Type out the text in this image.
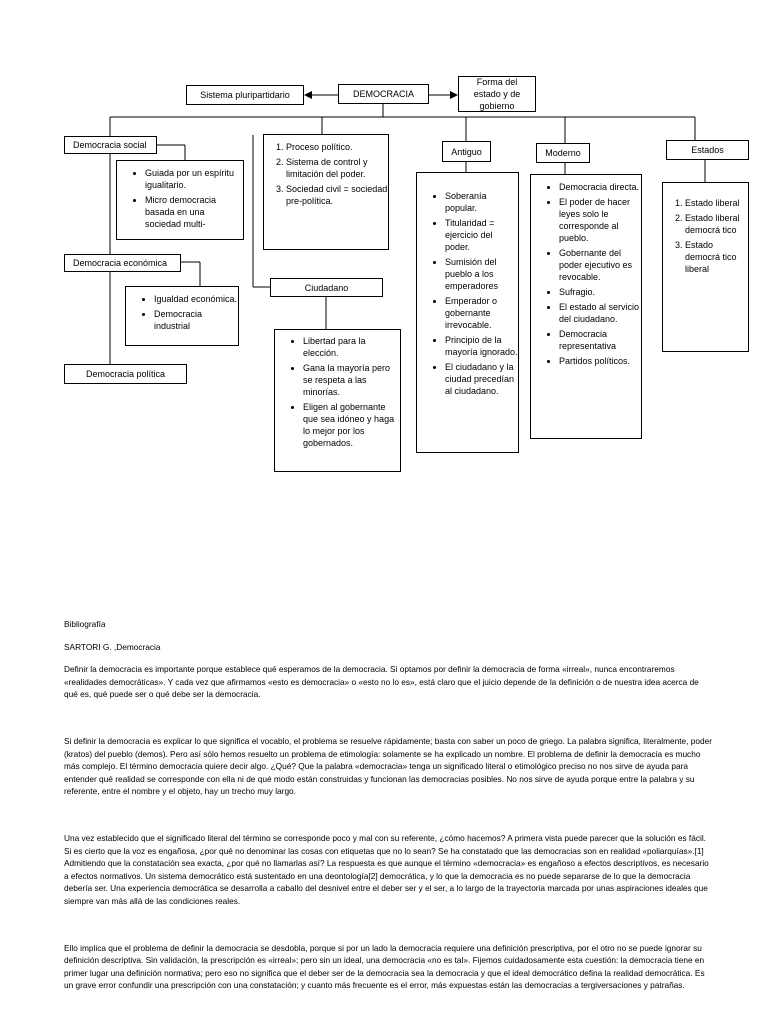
Sistema pluripartidario	DEMOCRACIA
Forma del estado y de gobierno
Democracia social
• Guiada por un espíritu igualitario.
• Micro democracia basada en una sociedad multi-
Democracia económica
• Igualdad económica.
• Democracia industrial
Democracia política
1. Proceso político.
2. Sistema de control y limitación del poder.
3. Sociedad civil = sociedad pre-política.
Ciudadano
• Libertad para la elección.
• Gana la mayoría pero se respeta a las minorías.
• Eligen al gobernante que sea idóneo y haga lo mejor por los gobernados.
Antiguo
• Soberanía popular.
• Titularidad = ejercicio del poder.
• Sumisión del pueblo a los emperadores
• Emperador o gobernante irrevocable.
• Principio de la mayoría ignorado.
• El ciudadano y la ciudad precedían al ciudadano.
Moderno
• Democracia directa.
• El poder de hacer leyes solo le corresponde al pueblo.
• Gobernante del poder ejecutivo es revocable.
• Sufragio.
• El estado al servicio del ciudadano.
• Democracia representativa
• Partidos políticos.
Estados
1. Estado liberal
2. Estado liberal democrá tico
3. Estado democrá tico liberal

Bibliografía

SARTORI G. ,Democracia

Definir la democracia es importante porque establece qué esperamos de la democracia. Si optamos por definir la democracia de forma «irreal», nunca encontraremos «realidades democráticas». Y cada vez que afirmamos «esto es democracia» o «esto no lo es», está claro que el juicio depende de la definición o de nuestra idea acerca de qué es, qué puede ser o qué debe ser la democracia.

Si definir la democracia es explicar lo que significa el vocablo, el problema se resuelve rápidamente; basta con saber un poco de griego. La palabra significa, literalmente, poder (kratos) del pueblo (demos). Pero así sólo hemos resuelto un problema de etimología: solamente se ha explicado un nombre. El problema de definir la democracia es mucho más complejo. El término democracia quiere decir algo. ¿Qué? Que la palabra «democracia» tenga un significado literal o etimológico preciso no nos sirve de ayuda para entender qué realidad se corresponde con ella ni de qué modo están construidas y funcionan las democracias posibles. No nos sirve de ayuda porque entre la palabra y su referente, entre el nombre y el objeto, hay un trecho muy largo.

Una vez establecido que el significado literal del término se corresponde poco y mal con su referente, ¿cómo hacemos? A primera vista puede parecer que la solución es fácil. Si es cierto que la voz es engañosa, ¿por qué no denominar las cosas con etiquetas que no lo sean? Se ha constatado que las democracias son en realidad «poliarquías».[1] Admitiendo que la constatación sea exacta, ¿por qué no llamarlas así? La respuesta es que aunque el término «democracia» es engañoso a efectos descriptivos, es necesario a efectos normativos. Un sistema democrático está sustentado en una deontología[2] democrática, y lo que la democracia es no puede separarse de lo que la democracia debería ser. Una experiencia democrática se desarrolla a caballo del desnivel entre el deber ser y el ser, a lo largo de la trayectoria marcada por unas aspiraciones ideales que siempre van más allá de las condiciones reales.

Ello implica que el problema de definir la democracia se desdobla, porque si por un lado la democracia requiere una definición prescriptiva, por el otro no se puede ignorar su definición descriptiva. Sin validación, la prescripción es «irreal»; pero sin un ideal, una democracia «no es tal». Fijemos cuidadosamente esta cuestión: la democracia tiene en primer lugar una definición normativa; pero eso no significa que el deber ser de la democracia sea la democracia y que el ideal democrático defina la realidad democrática. Es un grave error confundir una prescripción con una constatación; y cuanto más frecuente es el error, más expuestas están las democracias a tergiversaciones y patrañas.
